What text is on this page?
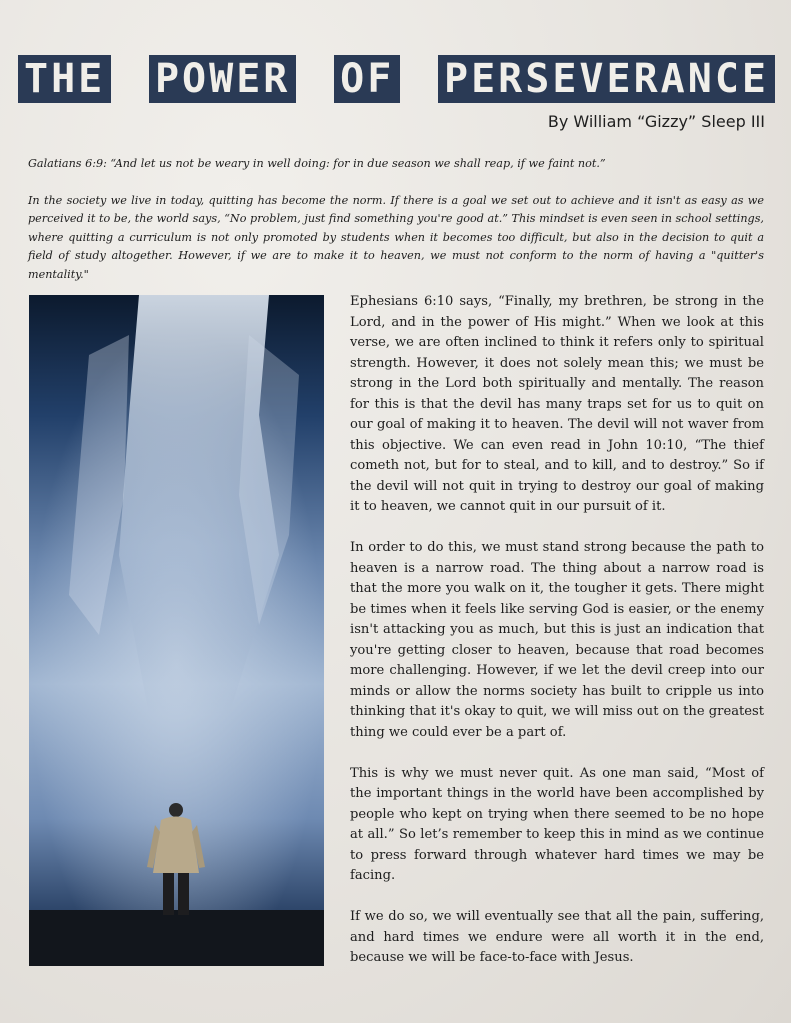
THE POWER OF PERSEVERANCE
By William “Gizzy” Sleep III

Galatians 6:9: “And let us not be weary in well doing: for in due season we shall reap, if we faint not.”

In the society we live in today, quitting has become the norm. If there is a goal we set out to achieve and it isn't as easy as we perceived it to be, the world says, “No problem, just find something you're good at.” This mindset is even seen in school settings, where quitting a curriculum is not only promoted by students when it becomes too difficult, but also in the decision to quit a field of study altogether. However, if we are to make it to heaven, we must not conform to the norm of having a "quitter's mentality."

Ephesians 6:10 says, “Finally, my brethren, be strong in the Lord, and in the power of His might.” When we look at this verse, we are often inclined to think it refers only to spiritual strength. However, it does not solely mean this; we must be strong in the Lord both spiritually and mentally. The reason for this is that the devil has many traps set for us to quit on our goal of making it to heaven. The devil will not waver from this objective. We can even read in John 10:10, “The thief cometh not, but for to steal, and to kill, and to destroy.” So if the devil will not quit in trying to destroy our goal of making it to heaven, we cannot quit in our pursuit of it.

In order to do this, we must stand strong because the path to heaven is a narrow road. The thing about a narrow road is that the more you walk on it, the tougher it gets. There might be times when it feels like serving God is easier, or the enemy isn't attacking you as much, but this is just an indication that you're getting closer to heaven, because that road becomes more challenging. However, if we let the devil creep into our minds or allow the norms society has built to cripple us into thinking that it's okay to quit, we will miss out on the greatest thing we could ever be a part of.

This is why we must never quit. As one man said, “Most of the important things in the world have been accomplished by people who kept on trying when there seemed to be no hope at all.” So let’s remember to keep this in mind as we continue to press forward through whatever hard times we may be facing.

If we do so, we will eventually see that all the pain, suffering, and hard times we endure were all worth it in the end, because we will be face-to-face with Jesus.
